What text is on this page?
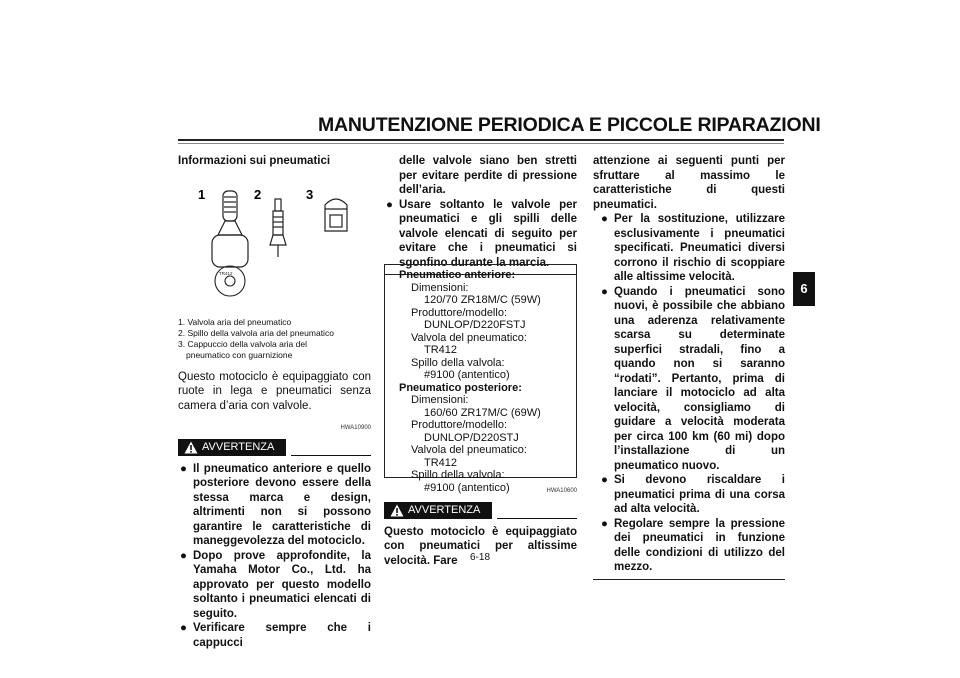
MANUTENZIONE PERIODICA E PICCOLE RIPARAZIONI
Informazioni sui pneumatici
1	2	3
TR412
1. Valvola aria del pneumatico
2. Spillo della valvola aria del pneumatico
3. Cappuccio della valvola aria del
pneumatico con guarnizione
Questo motociclo è equipaggiato con ruote in lega e pneumatici senza camera d’aria con valvole.
HWA10900
AVVERTENZA

● Il pneumatico anteriore e quello posteriore devono essere della stessa marca e design, altrimenti non si possono garantire le caratteristiche di maneggevolezza del motociclo.

● Dopo prove approfondite, la Yamaha Motor Co., Ltd. ha approvato per questo modello soltanto i pneumatici elencati di seguito.

● Verificare sempre che i cappucci

delle valvole siano ben stretti per evitare perdite di pressione dell’aria.

● Usare soltanto le valvole per pneumatici e gli spilli delle valvole elencati di seguito per evitare che i pneumatici si sgonfino durante la marcia.

Pneumatico anteriore:
Dimensioni:
120/70 ZR18M/C (59W)
Produttore/modello:
DUNLOP/D220FSTJ
Valvola del pneumatico:
TR412
Spillo della valvola:
#9100 (antentico)
Pneumatico posteriore:
Dimensioni:
160/60 ZR17M/C (69W)
Produttore/modello:
DUNLOP/D220STJ
Valvola del pneumatico:
TR412
Spillo della valvola:
#9100 (antentico)	HWA10600
AVVERTENZA
Questo motociclo è equipaggiato con pneumatici per altissime velocità. Fare
attenzione ai seguenti punti per sfruttare al massimo le caratteristiche di questi pneumatici.

● Per la sostituzione, utilizzare esclusivamente i pneumatici specificati. Pneumatici diversi corrono il rischio di scoppiare alle altissime velocità.

● Quando i pneumatici sono nuovi, è possibile che abbiano una aderenza relativamente scarsa su determinate superfici stradali, fino a quando non si saranno “rodati”. Pertanto, prima di lanciare il motociclo ad alta velocità, consigliamo di guidare a velocità moderata per circa 100 km (60 mi) dopo l’installazione di un pneumatico nuovo.

● Si devono riscaldare i pneumatici prima di una corsa ad alta velocità.

● Regolare sempre la pressione dei pneumatici in funzione delle condizioni di utilizzo del mezzo.

6
6-18
